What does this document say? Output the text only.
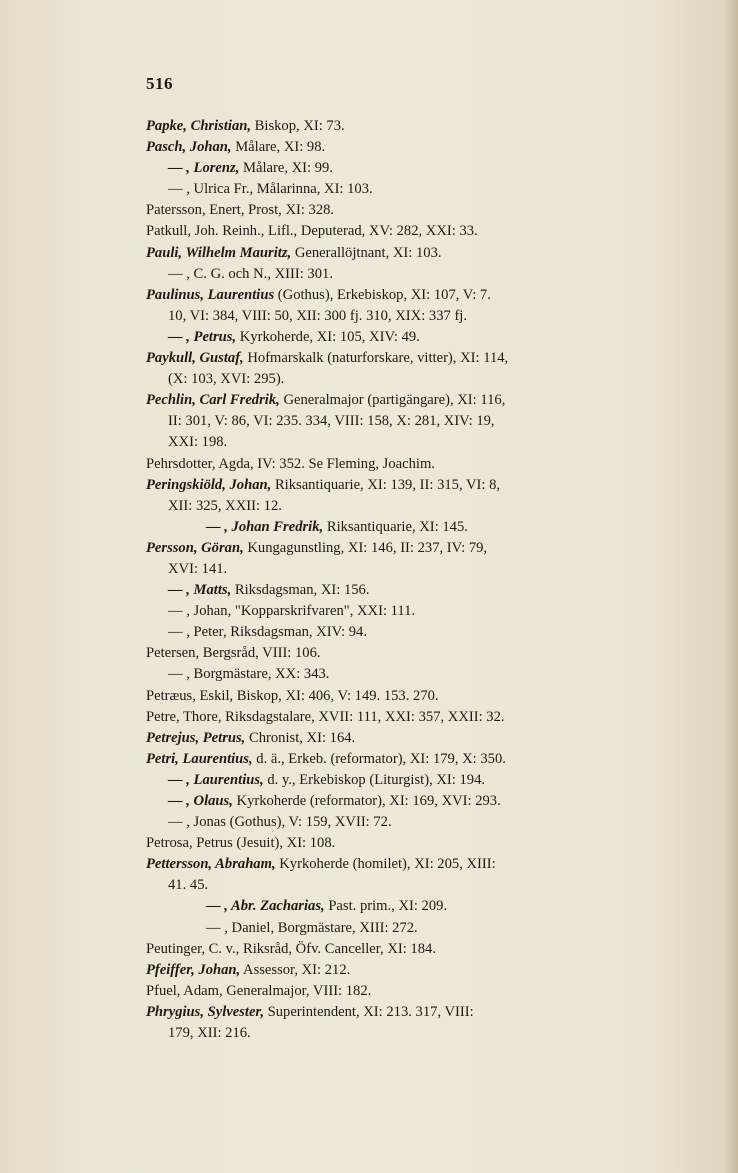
516
Papke, Christian, Biskop, XI: 73.
Pasch, Johan, Målare, XI: 98.
— , Lorenz, Målare, XI: 99.
— , Ulrica Fr., Målarinna, XI: 103.
Patersson, Enert, Prost, XI: 328.
Patkull, Joh. Reinh., Lifl., Deputerad, XV: 282, XXI: 33.
Pauli, Wilhelm Mauritz, Generallöjtnant, XI: 103.
— , C. G. och N., XIII: 301.
Paulinus, Laurentius (Gothus), Erkebiskop, XI: 107, V: 7.
10, VI: 384, VIII: 50, XII: 300 fj. 310, XIX: 337 fj.
— , Petrus, Kyrkoherde, XI: 105, XIV: 49.
Paykull, Gustaf, Hofmarskalk (naturforskare, vitter), XI: 114,
(X: 103, XVI: 295).
Pechlin, Carl Fredrik, Generalmajor (partigängare), XI: 116,
II: 301, V: 86, VI: 235. 334, VIII: 158, X: 281, XIV: 19,
XXI: 198.
Pehrsdotter, Agda, IV: 352. Se Fleming, Joachim.
Peringskiöld, Johan, Riksantiquarie, XI: 139, II: 315, VI: 8,
XII: 325, XXII: 12.
— , Johan Fredrik, Riksantiquarie, XI: 145.
Persson, Göran, Kungagunstling, XI: 146, II: 237, IV: 79,
XVI: 141.
— , Matts, Riksdagsman, XI: 156.
— , Johan, "Kopparskrifvaren", XXI: 111.
— , Peter, Riksdagsman, XIV: 94.
Petersen, Bergsråd, VIII: 106.
— , Borgmästare, XX: 343.
Petræus, Eskil, Biskop, XI: 406, V: 149. 153. 270.
Petre, Thore, Riksdagstalare, XVII: 111, XXI: 357, XXII: 32.
Petrejus, Petrus, Chronist, XI: 164.
Petri, Laurentius, d. ä., Erkeb. (reformator), XI: 179, X: 350.
— , Laurentius, d. y., Erkebiskop (Liturgist), XI: 194.
— , Olaus, Kyrkoherde (reformator), XI: 169, XVI: 293.
— , Jonas (Gothus), V: 159, XVII: 72.
Petrosa, Petrus (Jesuit), XI: 108.
Pettersson, Abraham, Kyrkoherde (homilet), XI: 205, XIII:
41. 45.
— , Abr. Zacharias, Past. prim., XI: 209.
— , Daniel, Borgmästare, XIII: 272.
Peutinger, C. v., Riksråd, Öfv. Canceller, XI: 184.
Pfeiffer, Johan, Assessor, XI: 212.
Pfuel, Adam, Generalmajor, VIII: 182.
Phrygius, Sylvester, Superintendent, XI: 213. 317, VIII:
179, XII: 216.
